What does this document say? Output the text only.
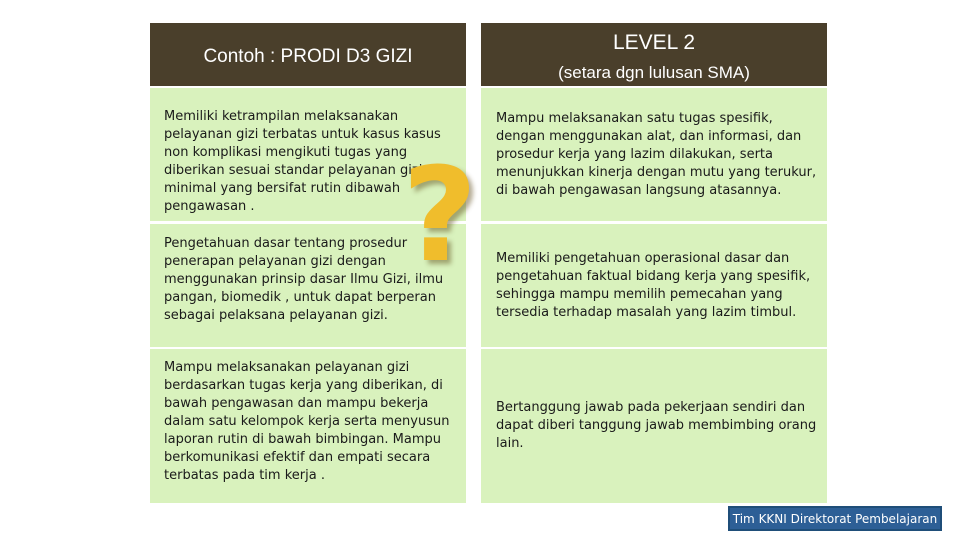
Contoh : PRODI D3 GIZI
LEVEL 2
(setara dgn lulusan SMA)

Memiliki ketrampilan melaksanakan pelayanan gizi terbatas untuk kasus kasus non komplikasi mengikuti tugas yang diberikan sesuai standar pelayanan gizi minimal yang bersifat rutin dibawah pengawasan .

Pengetahuan dasar tentang prosedur penerapan pelayanan gizi dengan menggunakan prinsip dasar Ilmu Gizi, ilmu pangan, biomedik , untuk dapat berperan sebagai pelaksana pelayanan gizi.

Mampu melaksanakan pelayanan gizi berdasarkan tugas kerja yang diberikan, di bawah pengawasan dan mampu bekerja dalam satu kelompok kerja serta menyusun laporan rutin di bawah bimbingan. Mampu berkomunikasi efektif dan empati secara terbatas pada tim kerja .

Mampu melaksanakan satu tugas spesifik, dengan menggunakan alat, dan informasi, dan prosedur kerja yang lazim dilakukan, serta menunjukkan kinerja dengan mutu yang terukur, di bawah pengawasan langsung atasannya.

Memiliki pengetahuan operasional dasar dan pengetahuan faktual bidang kerja yang spesifik, sehingga mampu memilih pemecahan yang tersedia terhadap masalah yang lazim timbul.

Bertanggung jawab pada pekerjaan sendiri dan dapat diberi tanggung jawab membimbing orang lain.

?
Tim KKNI Direktorat Pembelajaran
